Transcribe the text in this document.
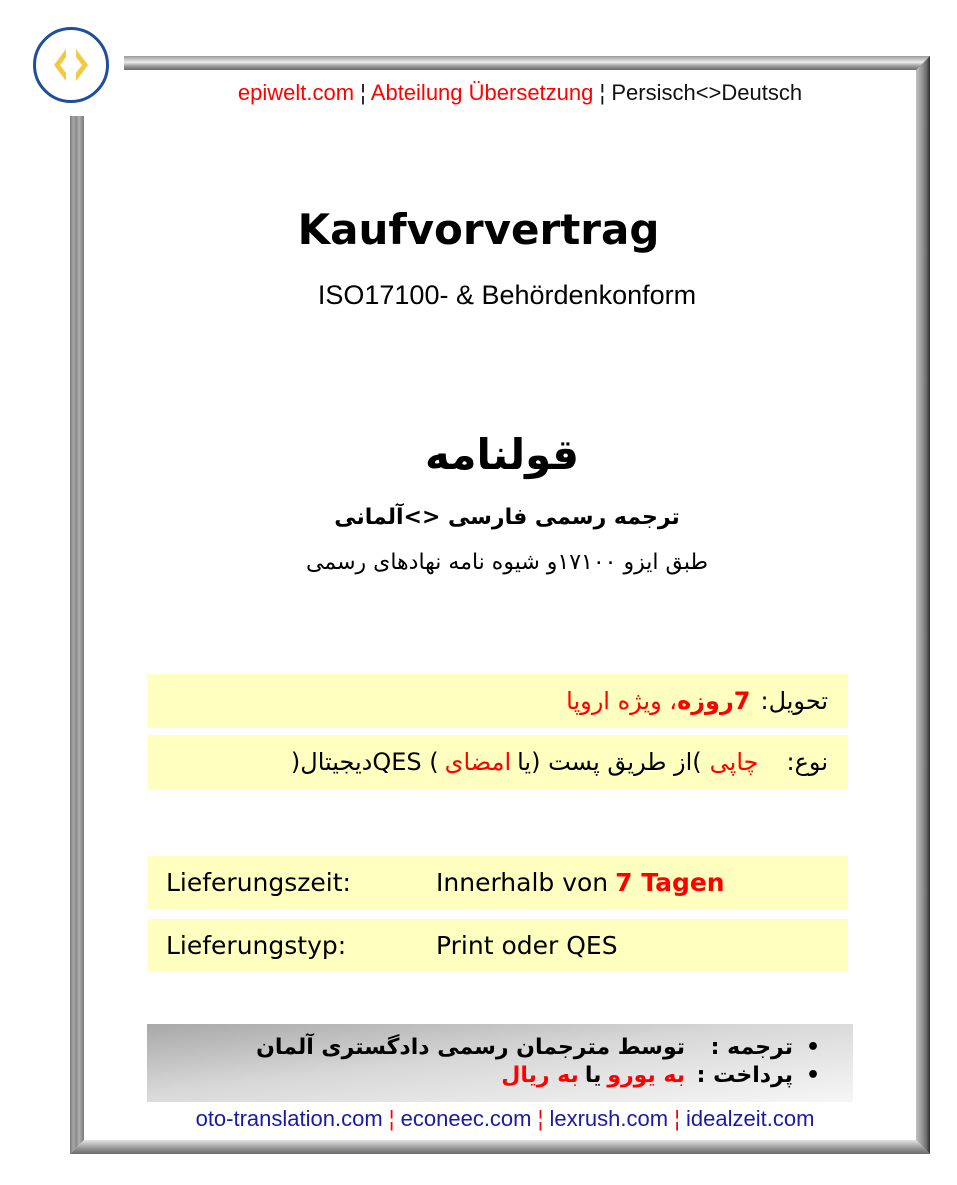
epiwelt.com ¦ Abteilung Übersetzung ¦ Persisch<>Deutsch
Kaufvorvertrag
ISO17100- & Behördenkonform
قولنامه
ترجمه رسمی فارسی <>آلمانی
طبق ایزو ۱۷۱۰۰و شیوه نامه نهادهای رسمی
تحویل:
7روزه
، ویژه اروپا
نوع:
چاپی
)از طریق پست (یا
امضای
) QESدیجیتال(
Lieferungszeit:	Innerhalb von 7 Tagen
Lieferungstyp:	Print oder QES
•
ترجمه :
توسط مترجمان رسمی دادگستری آلمان
•
پرداخت :
به یورو
یا
به ریال
oto-translation.com ¦ econeec.com ¦ lexrush.com ¦ idealzeit.com
